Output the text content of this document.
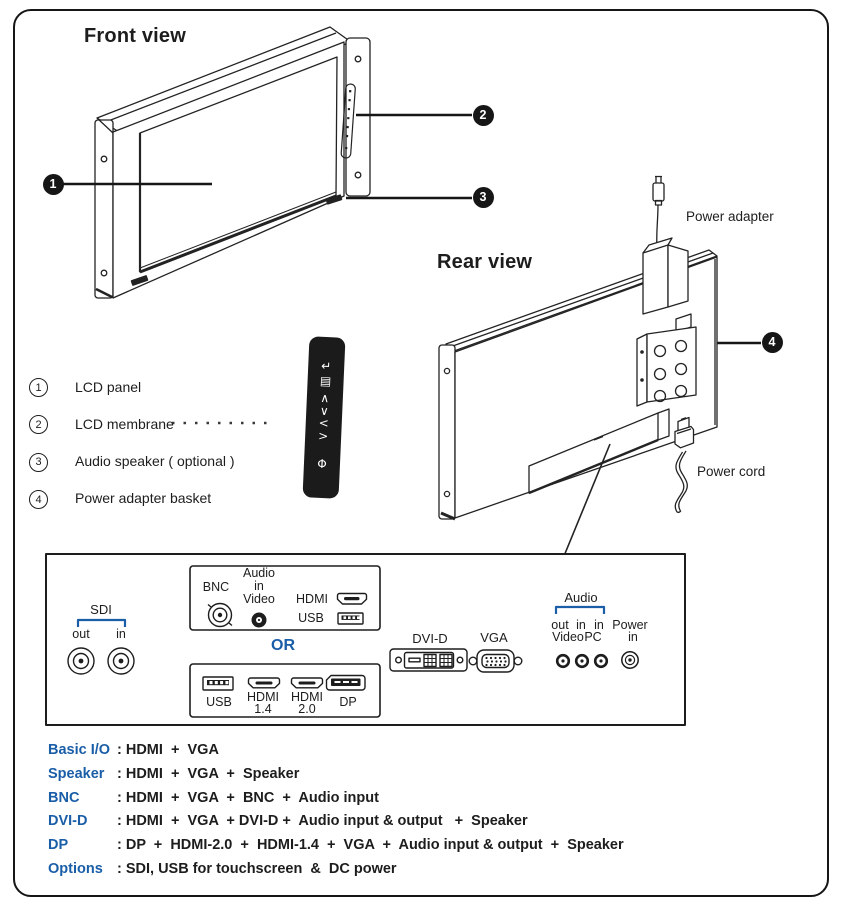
Front view
Rear view
Power adapter
Power cord
1
2
3
4
1	LCD panel
2	LCD membrane
3	Audio speaker ( optional )
4	Power adapter basket
↵
▤
∧
∨
<
>
Φ
SDI
out	in
BNC
Audio
in
Video	HDMI
USB
OR
USB	HDMI
1.4
HDMI
2.0	DP
DVI-D	VGA
Audio
out in in Power
Video PC	in
Basic I/O : HDMI  +  VGA
Speaker : HDMI  +  VGA  +  Speaker
BNC	: HDMI  +  VGA  +  BNC  +  Audio input
DVI-D	: HDMI  +  VGA  + DVI-D +  Audio input & output   +  Speaker
DP	: DP  +  HDMI-2.0  +  HDMI-1.4  +  VGA  +  Audio input & output  +  Speaker
Options : SDI, USB for touchscreen  &  DC power
